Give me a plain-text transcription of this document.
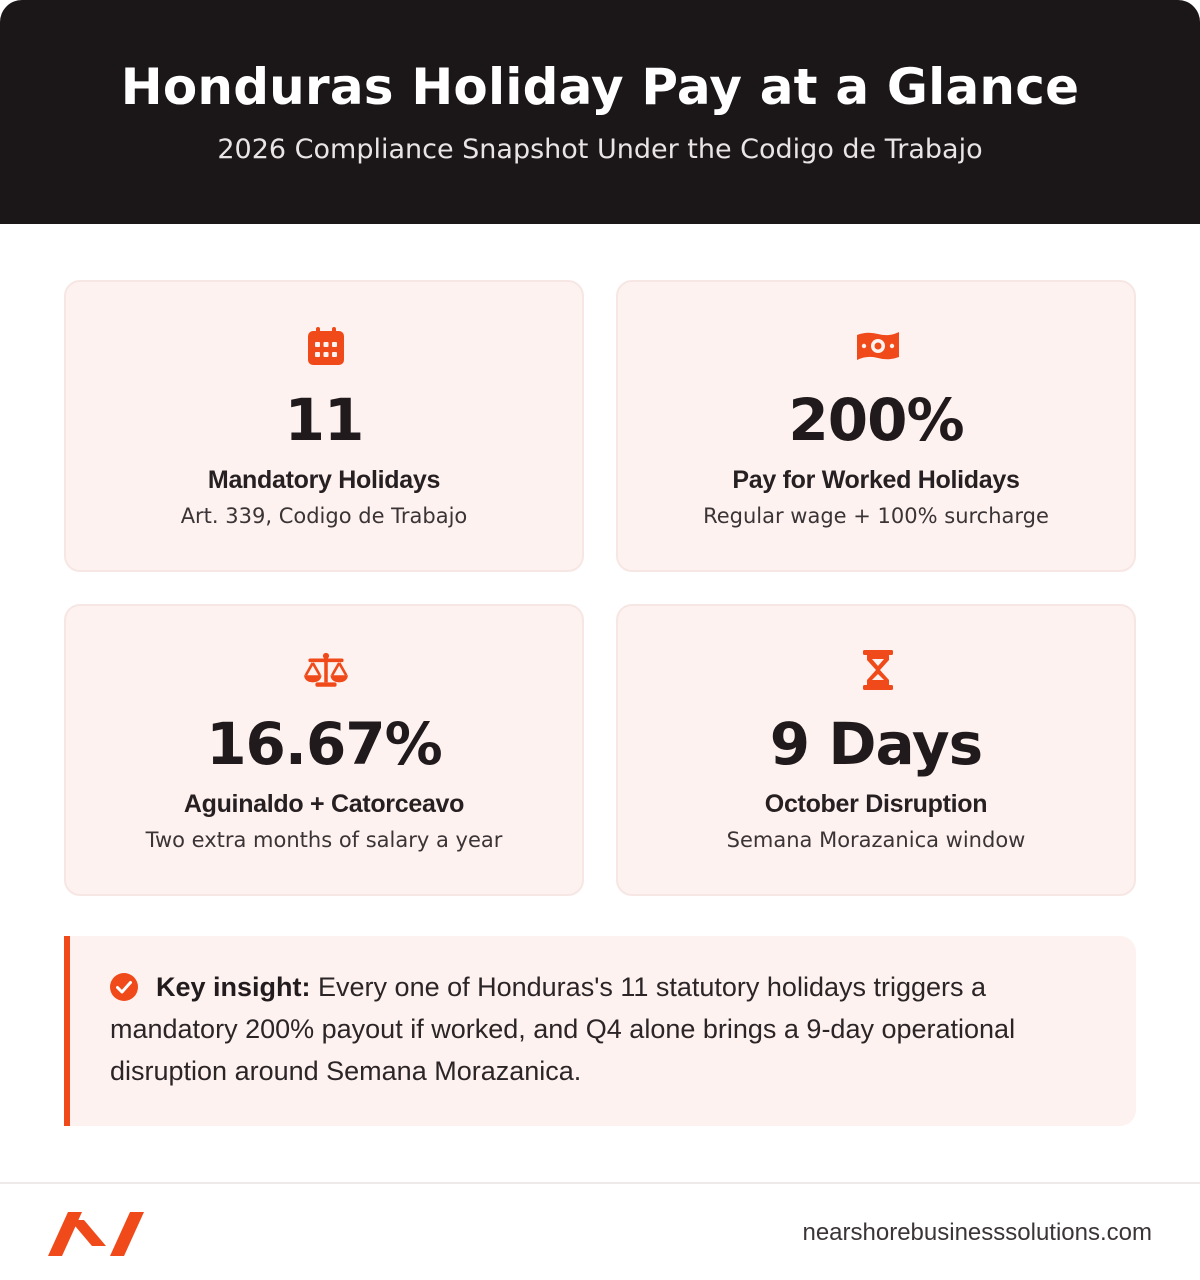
Honduras Holiday Pay at a Glance
2026 Compliance Snapshot Under the Codigo de Trabajo
11
Mandatory Holidays
Art. 339, Codigo de Trabajo
200%
Pay for Worked Holidays
Regular wage + 100% surcharge
16.67%
Aguinaldo + Catorceavo
Two extra months of salary a year
9 Days
October Disruption
Semana Morazanica window
Key insight: Every one of Honduras's 11 statutory holidays triggers a mandatory 200% payout if worked, and Q4 alone brings a 9-day operational disruption around Semana Morazanica.
nearshorebusinesssolutions.com
